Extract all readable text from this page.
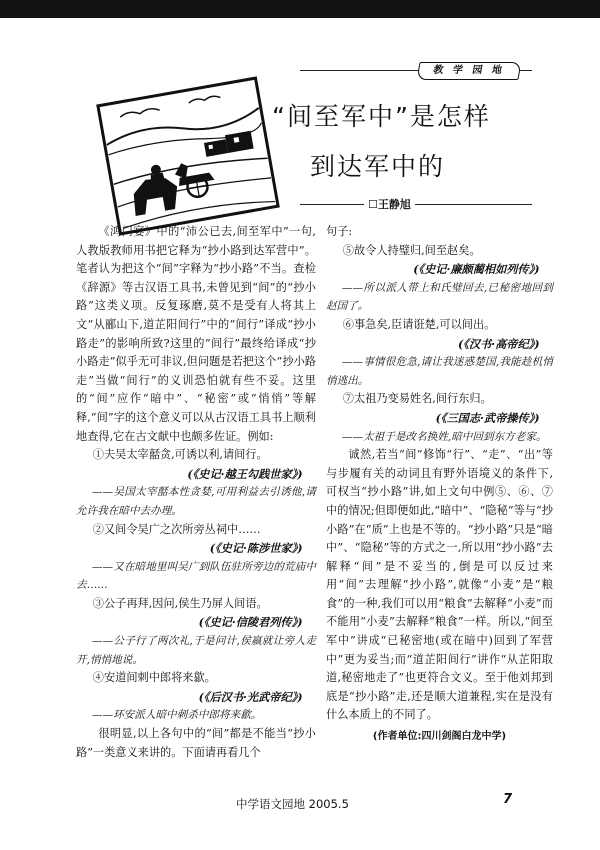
教 学 园 地
“间至军中”是怎样
到达军中的
☐王静旭

《鸿门宴》中的“沛公已去,间至军中”一句,人教版教师用书把它释为“抄小路到达军营中”。笔者认为把这个“间”字释为“抄小路”不当。查检《辞源》等古汉语工具书,未曾见到“间”的“抄小路”这类义项。反复琢磨,莫不是受有人将其上文“从郦山下,道芷阳间行”中的“间行”译成“抄小路走”的影响所致?这里的“间行”最终给译成“抄小路走”似乎无可非议,但问题是若把这个“抄小路走”当做“间行”的义训恐怕就有些不妥。这里的“间”应作“暗中”、“秘密”或“悄悄”等解释,“间”字的这个意义可以从古汉语工具书上顺利地查得,它在古文献中也颇多佐证。例如:

①夫吴太宰嚭贪,可诱以利,请间行。

(《史记·越王勾践世家》)

——吴国太宰嚭本性贪婪,可用利益去引诱他,请允许我在暗中去办理。

②又间令吴广之次所旁丛祠中……

(《史记·陈涉世家》)

——又在暗地里叫吴广到队伍驻所旁边的荒庙中去……

③公子再拜,因问,侯生乃屏人间语。

(《史记·信陵君列传》)

——公子行了两次礼,于是问计,侯嬴就让旁人走开,悄悄地说。

④安道间刺中郎将来歙。

(《后汉书·光武帝纪》)

——环安派人暗中刺杀中郎将来歙。

很明显,以上各句中的“间”都是不能当“抄小路”一类意义来讲的。下面请再看几个

句子:

⑤故令人持璧归,间至赵矣。

(《史记·廉颇蔺相如列传》)

——所以派人带上和氏璧回去,已秘密地回到赵国了。

⑥事急矣,臣请诳楚,可以间出。

(《汉书·高帝纪》)

——事情很危急,请让我迷惑楚国,我能趁机悄悄逃出。

⑦太祖乃变易姓名,间行东归。

(《三国志·武帝操传》)

——太祖于是改名换姓,暗中回到东方老家。

诚然,若当“间”修饰“行”、“走”、“出”等与步履有关的动词且有野外语境义的条件下,可权当“抄小路”讲,如上文句中例⑤、⑥、⑦中的情况;但即便如此,“暗中”、“隐秘”等与“抄小路”在“质”上也是不等的。“抄小路”只是“暗中”、“隐秘”等的方式之一,所以用“抄小路”去解释“间”是不妥当的,倒是可以反过来用“间”去理解“抄小路”,就像“小麦”是“粮食”的一种,我们可以用“粮食”去解释“小麦”而不能用“小麦”去解释“粮食”一样。所以,“间至军中”讲成“已秘密地(或在暗中)回到了军营中”更为妥当;而“道芷阳间行”讲作“从芷阳取道,秘密地走了”也更符合文义。至于他刘邦到底是“抄小路”走,还是顺大道兼程,实在是没有什么本质上的不同了。

(作者单位:四川剑阁白龙中学)

中学语文园地 2005.5	7
